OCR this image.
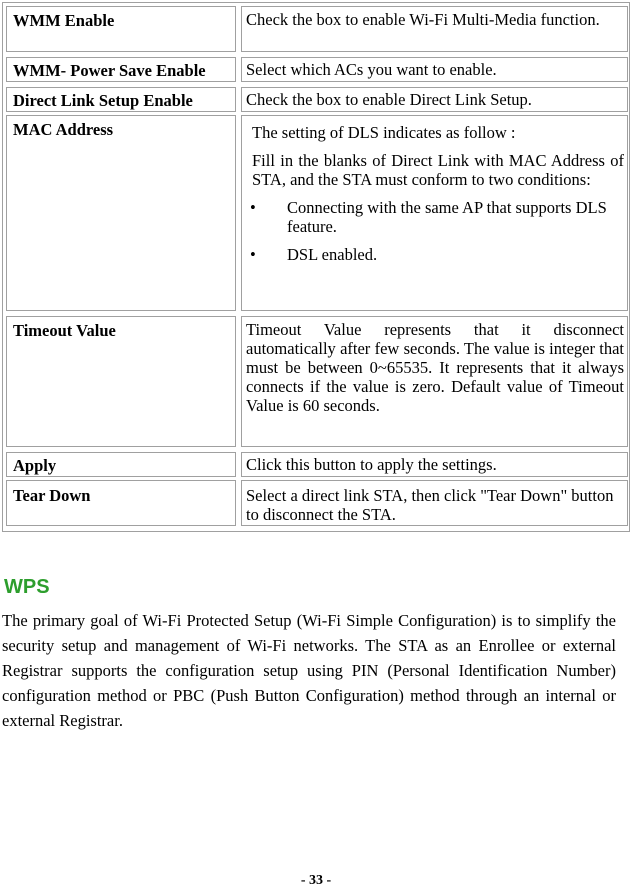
WMM Enable	Check the box to enable Wi-Fi Multi-Media function.

WMM- Power Save Enable	Select which ACs you want to enable.
Direct Link Setup Enable	Check the box to enable Direct Link Setup.
MAC Address	The setting of DLS indicates as follow :

Fill in the blanks of Direct Link with MAC Address of STA, and the STA must conform to two conditions:

• Connecting with the same AP that supports DLS feature.
• DSL enabled.
Timeout Value	Timeout Value represents that it disconnect automatically after few seconds. The value is integer that must be between 0~65535. It represents that it always connects if the value is zero. Default value of Timeout Value is 60 seconds.
Apply	Click this button to apply the settings.
Tear Down	Select a direct link STA, then click "Tear Down" button to disconnect the STA.
WPS

The primary goal of Wi-Fi Protected Setup (Wi-Fi Simple Configuration) is to simplify the security setup and management of Wi-Fi networks. The STA as an Enrollee or external Registrar supports the configuration setup using PIN (Personal Identification Number) configuration method or PBC (Push Button Configuration) method through an internal or external Registrar.

- 33 -
